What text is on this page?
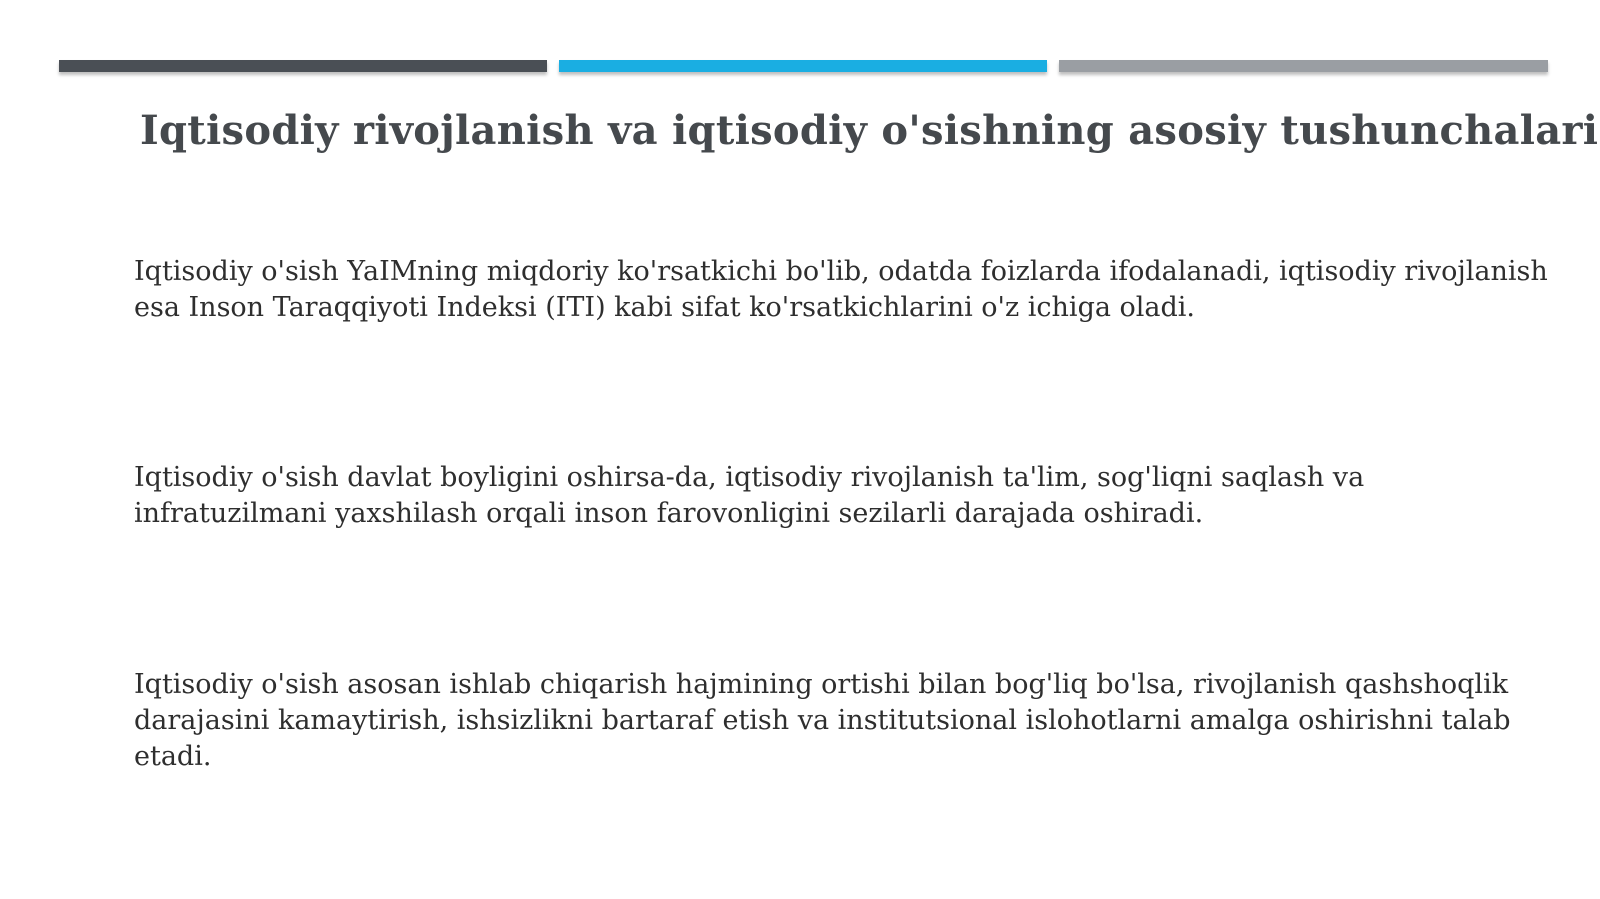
Iqtisodiy rivojlanish va iqtisodiy o'sishning asosiy tushunchalari

Iqtisodiy o'sish YaIMning miqdoriy ko'rsatkichi bo'lib, odatda foizlarda ifodalanadi, iqtisodiy rivojlanish esa Inson Taraqqiyoti Indeksi (ITI) kabi sifat ko'rsatkichlarini o'z ichiga oladi.

Iqtisodiy o'sish davlat boyligini oshirsa-da, iqtisodiy rivojlanish ta'lim, sog'liqni saqlash va infratuzilmani yaxshilash orqali inson farovonligini sezilarli darajada oshiradi.

Iqtisodiy o'sish asosan ishlab chiqarish hajmining ortishi bilan bog'liq bo'lsa, rivojlanish qashshoqlik darajasini kamaytirish, ishsizlikni bartaraf etish va institutsional islohotlarni amalga oshirishni talab etadi.
